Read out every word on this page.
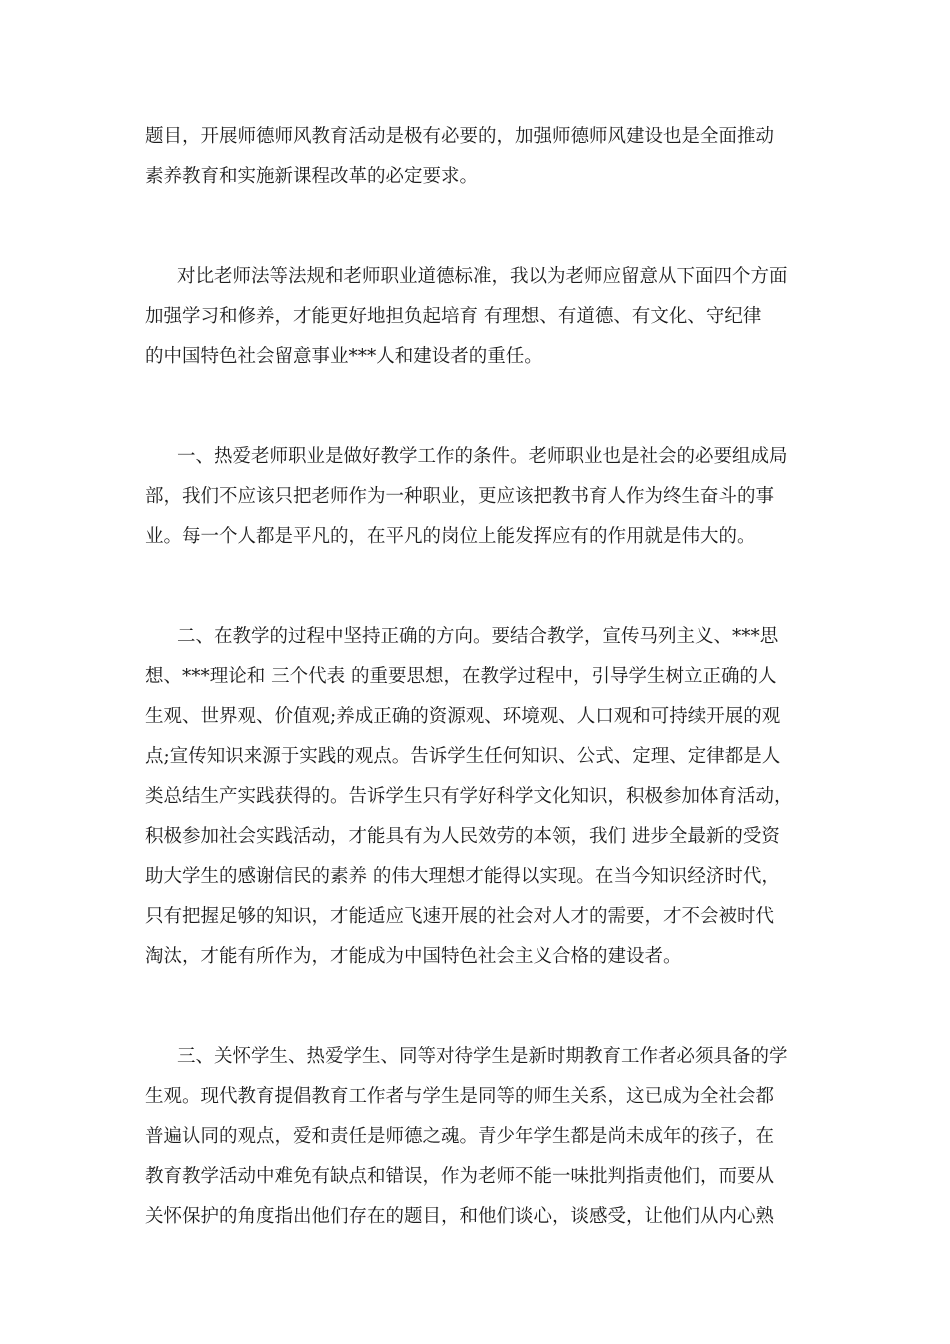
题目，开展师德师风教育活动是极有必要的，加强师德师风建设也是全面推动
素养教育和实施新课程改革的必定要求。
对比老师法等法规和老师职业道德标准，我以为老师应留意从下面四个方面
加强学习和修养，才能更好地担负起培育 有理想、有道德、有文化、守纪律
的中国特色社会留意事业***人和建设者的重任。
一、热爱老师职业是做好教学工作的条件。老师职业也是社会的必要组成局
部，我们不应该只把老师作为一种职业，更应该把教书育人作为终生奋斗的事
业。每一个人都是平凡的，在平凡的岗位上能发挥应有的作用就是伟大的。
二、在教学的过程中坚持正确的方向。要结合教学，宣传马列主义、***思
想、***理论和 三个代表 的重要思想，在教学过程中，引导学生树立正确的人
生观、世界观、价值观;养成正确的资源观、环境观、人口观和可持续开展的观
点;宣传知识来源于实践的观点。告诉学生任何知识、公式、定理、定律都是人
类总结生产实践获得的。告诉学生只有学好科学文化知识，积极参加体育活动，
积极参加社会实践活动，才能具有为人民效劳的本领，我们 进步全最新的受资
助大学生的感谢信民的素养 的伟大理想才能得以实现。在当今知识经济时代，
只有把握足够的知识，才能适应飞速开展的社会对人才的需要，才不会被时代
淘汰，才能有所作为，才能成为中国特色社会主义合格的建设者。
三、关怀学生、热爱学生、同等对待学生是新时期教育工作者必须具备的学
生观。现代教育提倡教育工作者与学生是同等的师生关系，这已成为全社会都
普遍认同的观点，爱和责任是师德之魂。青少年学生都是尚未成年的孩子，在
教育教学活动中难免有缺点和错误，作为老师不能一味批判指责他们，而要从
关怀保护的角度指出他们存在的题目，和他们谈心，谈感受，让他们从内心熟
